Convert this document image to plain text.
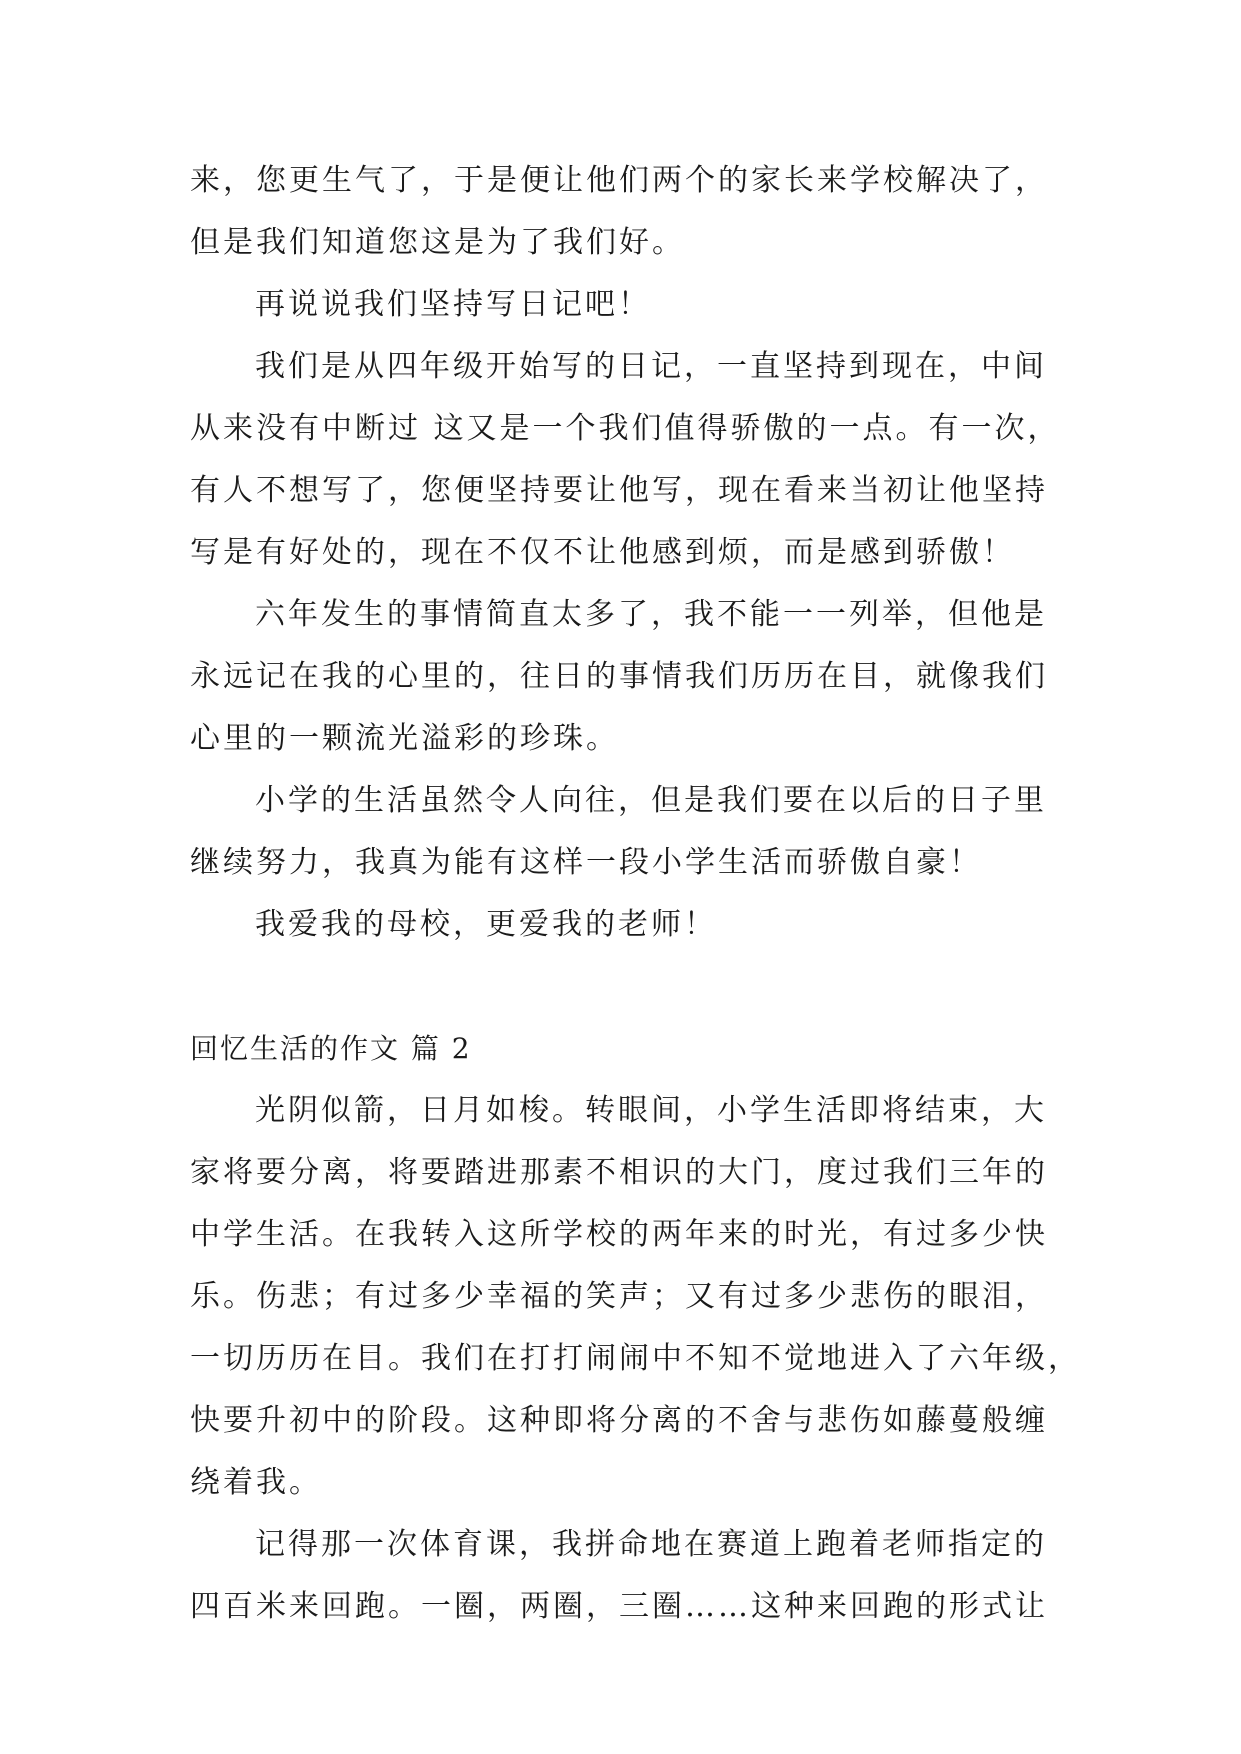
来，您更生气了，于是便让他们两个的家长来学校解决了，
但是我们知道您这是为了我们好。
再说说我们坚持写日记吧！
我们是从四年级开始写的日记，一直坚持到现在，中间
从来没有中断过 这又是一个我们值得骄傲的一点。有一次，
有人不想写了，您便坚持要让他写，现在看来当初让他坚持
写是有好处的，现在不仅不让他感到烦，而是感到骄傲！
六年发生的事情简直太多了，我不能一一列举，但他是
永远记在我的心里的，往日的事情我们历历在目，就像我们
心里的一颗流光溢彩的珍珠。
小学的生活虽然令人向往，但是我们要在以后的日子里
继续努力，我真为能有这样一段小学生活而骄傲自豪！
我爱我的母校，更爱我的老师！
回忆生活的作文 篇 2
光阴似箭，日月如梭。转眼间，小学生活即将结束，大
家将要分离，将要踏进那素不相识的大门，度过我们三年的
中学生活。在我转入这所学校的两年来的时光，有过多少快
乐。伤悲；有过多少幸福的笑声；又有过多少悲伤的眼泪，
一切历历在目。我们在打打闹闹中不知不觉地进入了六年级，
快要升初中的阶段。这种即将分离的不舍与悲伤如藤蔓般缠
绕着我。
记得那一次体育课，我拼命地在赛道上跑着老师指定的
四百米来回跑。一圈，两圈，三圈……这种来回跑的形式让
